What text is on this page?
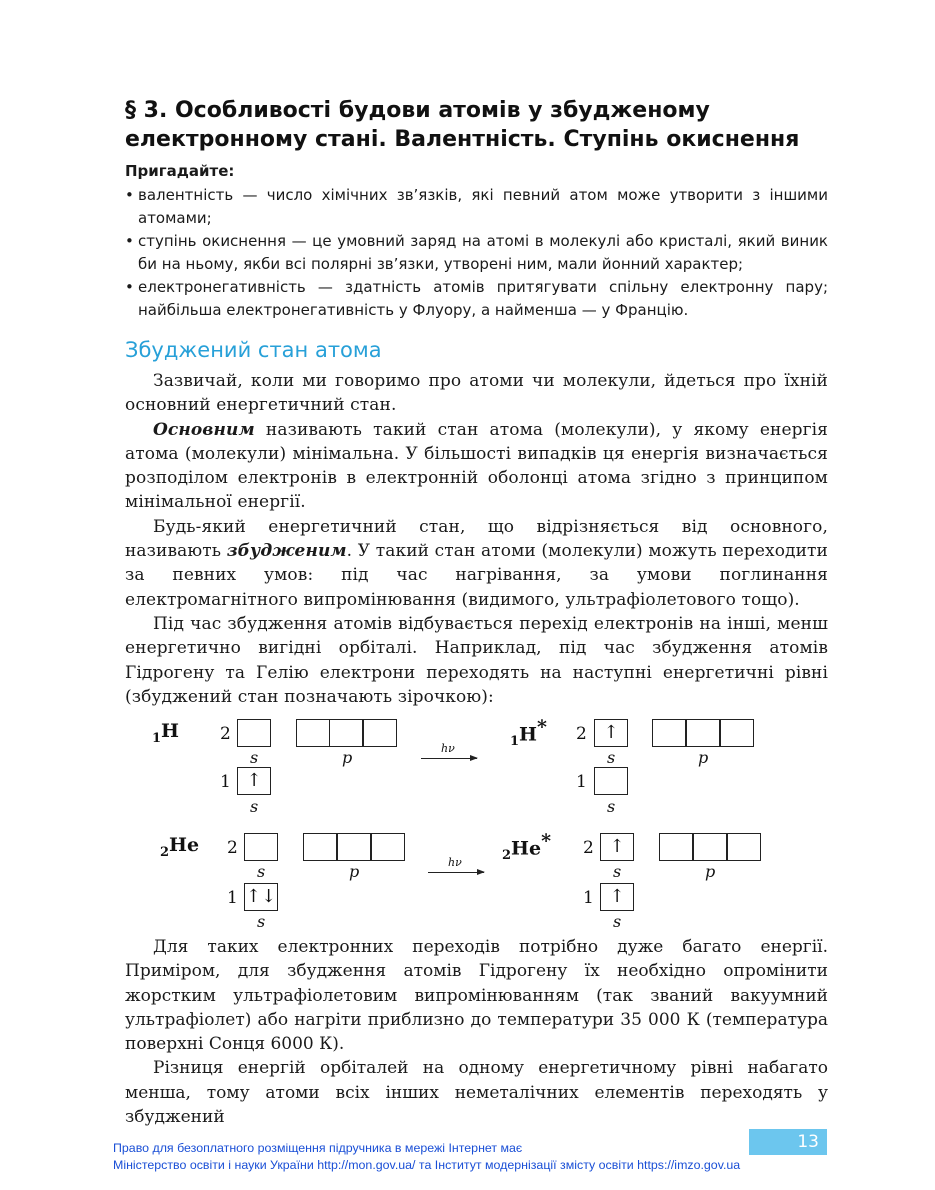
§ 3. Особливості будови атомів у збудженому електронному стані. Валентність. Ступінь окиснення
Пригадайте:
• валентність — число хімічних зв’язків, які певний атом може утворити з іншими атомами;
• ступінь окиснення — це умовний заряд на атомі в молекулі або кристалі, який виник би на ньому, якби всі полярні зв’язки, утворені ним, мали йонний характер;
• електронегативність — здатність атомів притягувати спільну електронну пару; найбільша електронегативність у Флуору, а найменша — у Францію.
Збуджений стан атома

Зазвичай, коли ми говоримо про атоми чи молекули, йдеться про їхній основний енергетичний стан.

Основним називають такий стан атома (молекули), у якому енергія атома (молекули) мінімальна. У більшості випадків ця енергія визначається розподілом електронів в електронній оболонці атома згідно з принципом мінімальної енергії.

Будь-який енергетичний стан, що відрізняється від основного, називають збудженим. У такий стан атоми (молекули) можуть переходити за певних умов: під час нагрівання, за умови поглинання електромагнітного випромінювання (видимого, ультрафіолетового тощо).

Під час збудження атомів відбувається перехід електронів на інші, менш енергетично вигідні орбіталі. Наприклад, під час збудження атомів Гідрогену та Гелію електрони переходять на наступні енергетичні рівні (збуджений стан позначають зірочкою):

$_1$H 2
s	p
1 ↑
s
hν	$_1$H* 2 ↑
s	p
1
s
$_2$He 2
s	p
1 ↑↓
s
hν	$_2$He* 2 ↑
s	p
1 ↑
s

Для таких електронних переходів потрібно дуже багато енергії. Приміром, для збудження атомів Гідрогену їх необхідно опромінити жорстким ультрафіолетовим випромінюванням (так званий вакуумний ультрафіолет) або нагріти приблизно до температури 35 000 К (температура поверхні Сонця 6000 К).

Різниця енергій орбіталей на одному енергетичному рівні набагато менша, тому атоми всіх інших неметалічних елементів переходять у збуджений

13
Право для безоплатного розміщення підручника в мережі Інтернет має
Міністерство освіти і науки України http://mon.gov.ua/ та Інститут модернізації змісту освіти https://imzo.gov.ua
